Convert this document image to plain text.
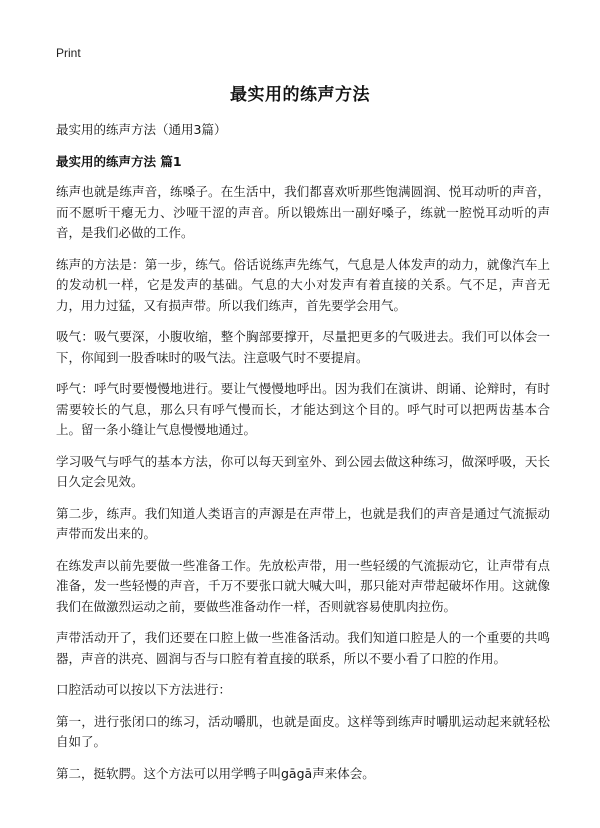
Print
最实用的练声方法
最实用的练声方法（通用3篇）
最实用的练声方法 篇1

练声也就是练声音，练嗓子。在生活中，我们都喜欢听那些饱满圆润、悦耳动听的声音，而不愿听干瘪无力、沙哑干涩的声音。所以锻炼出一副好嗓子，练就一腔悦耳动听的声音，是我们必做的工作。

练声的方法是：第一步，练气。俗话说练声先练气，气息是人体发声的动力，就像汽车上的发动机一样，它是发声的基础。气息的大小对发声有着直接的关系。气不足，声音无力，用力过猛，又有损声带。所以我们练声，首先要学会用气。

吸气：吸气要深，小腹收缩，整个胸部要撑开，尽量把更多的气吸进去。我们可以体会一下，你闻到一股香味时的吸气法。注意吸气时不要提肩。

呼气：呼气时要慢慢地进行。要让气慢慢地呼出。因为我们在演讲、朗诵、论辩时，有时需要较长的气息，那么只有呼气慢而长，才能达到这个目的。呼气时可以把两齿基本合上。留一条小缝让气息慢慢地通过。

学习吸气与呼气的基本方法，你可以每天到室外、到公园去做这种练习，做深呼吸，天长日久定会见效。

第二步，练声。我们知道人类语言的声源是在声带上，也就是我们的声音是通过气流振动声带而发出来的。

在练发声以前先要做一些准备工作。先放松声带，用一些轻缓的气流振动它，让声带有点准备，发一些轻慢的声音，千万不要张口就大喊大叫，那只能对声带起破坏作用。这就像我们在做激烈运动之前，要做些准备动作一样，否则就容易使肌肉拉伤。

声带活动开了，我们还要在口腔上做一些准备活动。我们知道口腔是人的一个重要的共鸣器，声音的洪亮、圆润与否与口腔有着直接的联系，所以不要小看了口腔的作用。

口腔活动可以按以下方法进行：

第一，进行张闭口的练习，活动嚼肌，也就是面皮。这样等到练声时嚼肌运动起来就轻松自如了。

第二，挺软腭。这个方法可以用学鸭子叫gāgā声来体会。
